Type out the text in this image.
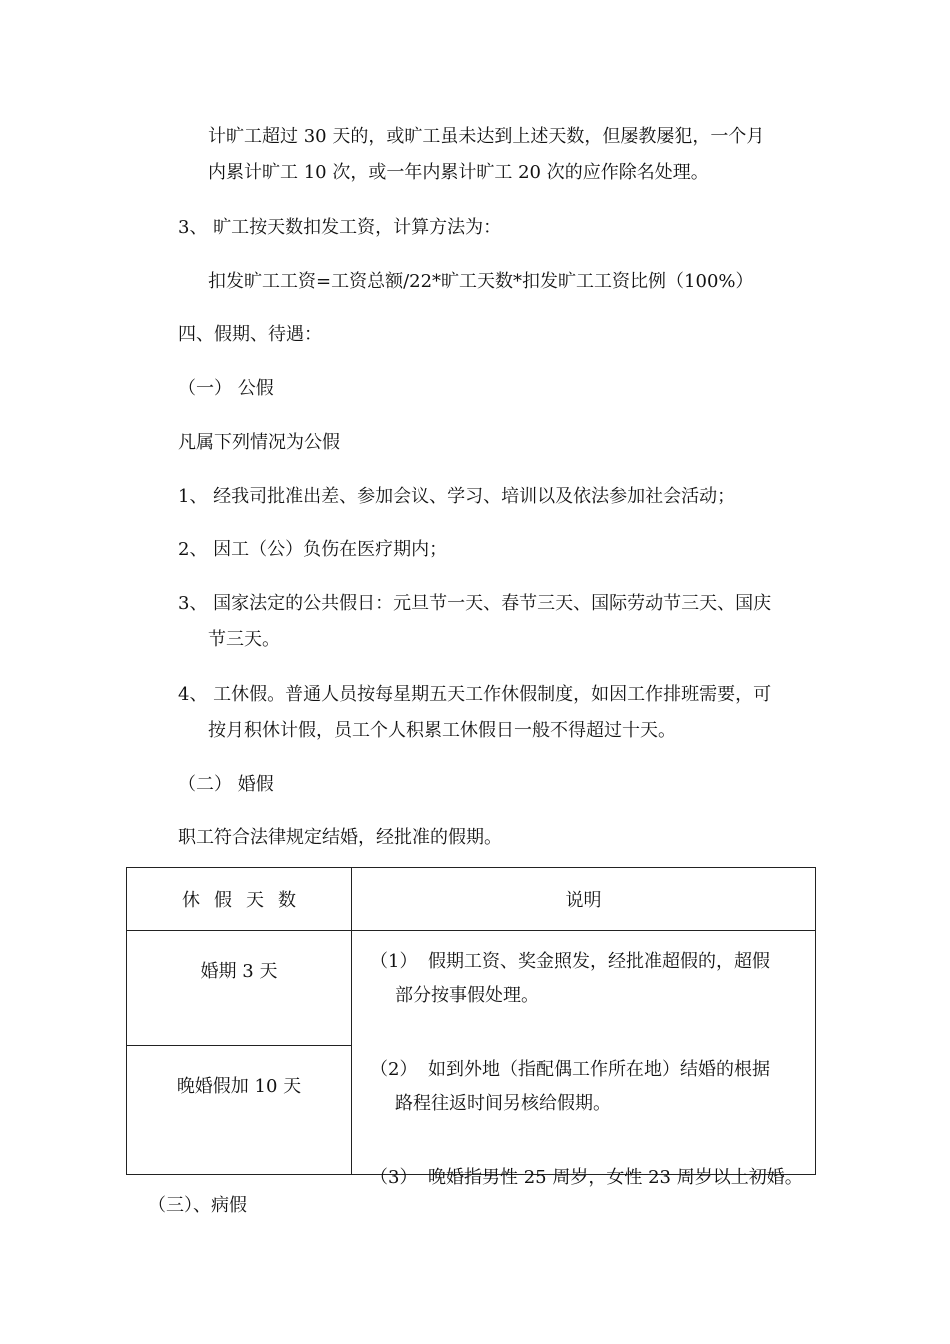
计旷工超过 30 天的，或旷工虽未达到上述天数，但屡教屡犯，一个月
内累计旷工 10 次，或一年内累计旷工 20 次的应作除名处理。
3、 旷工按天数扣发工资，计算方法为：
扣发旷工工资=工资总额/22*旷工天数*扣发旷工工资比例（100%）
四、假期、待遇：
（一） 公假
凡属下列情况为公假
1、 经我司批准出差、参加会议、学习、培训以及依法参加社会活动；
2、 因工（公）负伤在医疗期内；
3、 国家法定的公共假日：元旦节一天、春节三天、国际劳动节三天、国庆
节三天。
4、 工休假。普通人员按每星期五天工作休假制度，如因工作排班需要，可
按月积休计假，员工个人积累工休假日一般不得超过十天。
（二） 婚假
职工符合法律规定结婚，经批准的假期。
休假天数	说明

婚期 3 天	（1） 假期工资、奖金照发，经批准超假的，超假
部分按事假处理。
（2） 如到外地（指配偶工作所在地）结婚的根据
路程往返时间另核给假期。
（3） 晚婚指男性 25 周岁，女性 23 周岁以上初婚。

晚婚假加 10 天	
（三）、病假
